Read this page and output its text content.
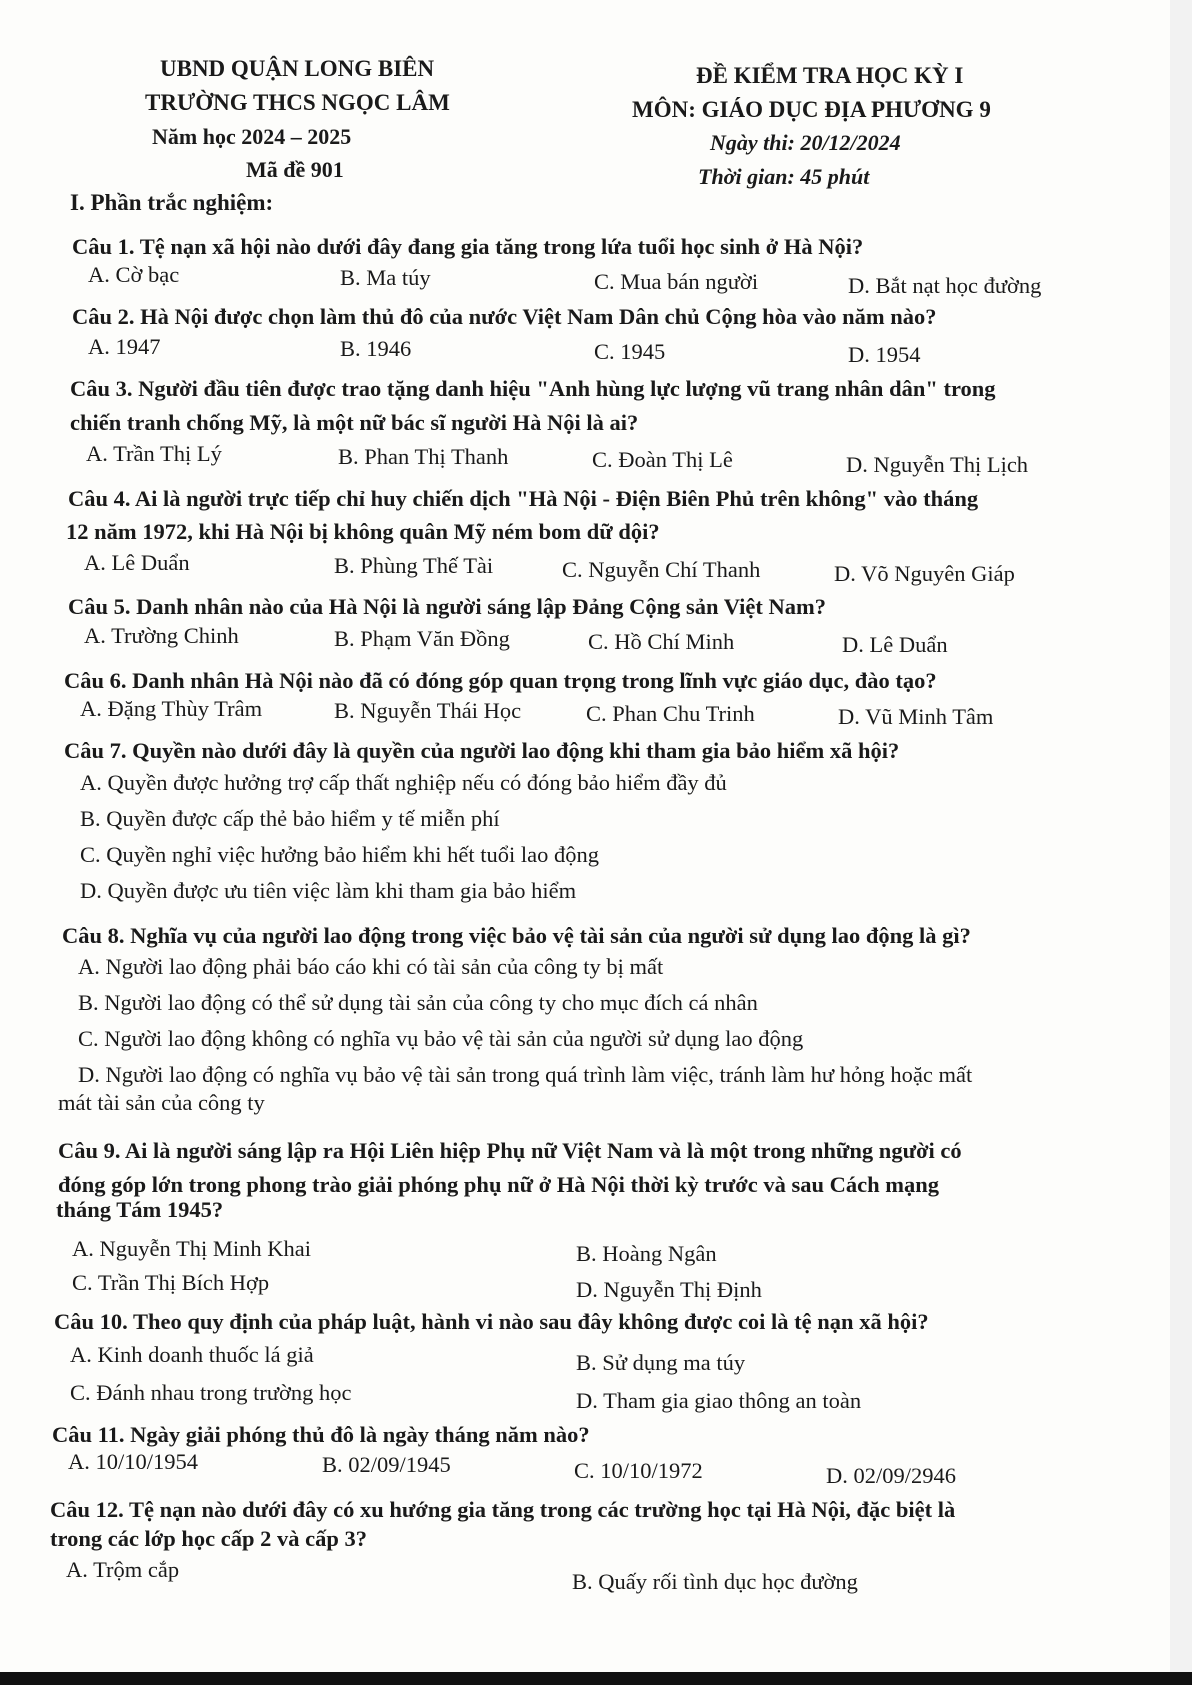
UBND QUẬN LONG BIÊN
TRƯỜNG THCS NGỌC LÂM
Năm học 2024 – 2025
Mã đề 901
ĐỀ KIỂM TRA HỌC KỲ I
MÔN: GIÁO DỤC ĐỊA PHƯƠNG 9
Ngày thi: 20/12/2024
Thời gian: 45 phút
I. Phần trắc nghiệm:
Câu 1. Tệ nạn xã hội nào dưới đây đang gia tăng trong lứa tuổi học sinh ở Hà Nội?
A. Cờ bạc	B. Ma túy	C. Mua bán người	D. Bắt nạt học đường
Câu 2. Hà Nội được chọn làm thủ đô của nước Việt Nam Dân chủ Cộng hòa vào năm nào?
A. 1947	B. 1946	C. 1945	D. 1954
Câu 3. Người đầu tiên được trao tặng danh hiệu "Anh hùng lực lượng vũ trang nhân dân" trong
chiến tranh chống Mỹ, là một nữ bác sĩ người Hà Nội là ai?
A. Trần Thị Lý	B. Phan Thị Thanh	C. Đoàn Thị Lê	D. Nguyễn Thị Lịch
Câu 4. Ai là người trực tiếp chỉ huy chiến dịch "Hà Nội - Điện Biên Phủ trên không" vào tháng
12 năm 1972, khi Hà Nội bị không quân Mỹ ném bom dữ dội?
A. Lê Duẩn	B. Phùng Thế Tài	C. Nguyễn Chí Thanh	D. Võ Nguyên Giáp
Câu 5. Danh nhân nào của Hà Nội là người sáng lập Đảng Cộng sản Việt Nam?
A. Trường Chinh	B. Phạm Văn Đồng	C. Hồ Chí Minh	D. Lê Duẩn
Câu 6. Danh nhân Hà Nội nào đã có đóng góp quan trọng trong lĩnh vực giáo dục, đào tạo?
A. Đặng Thùy Trâm	B. Nguyễn Thái Học	C. Phan Chu Trinh	D. Vũ Minh Tâm
Câu 7. Quyền nào dưới đây là quyền của người lao động khi tham gia bảo hiểm xã hội?
A. Quyền được hưởng trợ cấp thất nghiệp nếu có đóng bảo hiểm đầy đủ
B. Quyền được cấp thẻ bảo hiểm y tế miễn phí
C. Quyền nghỉ việc hưởng bảo hiểm khi hết tuổi lao động
D. Quyền được ưu tiên việc làm khi tham gia bảo hiểm
Câu 8. Nghĩa vụ của người lao động trong việc bảo vệ tài sản của người sử dụng lao động là gì?
A. Người lao động phải báo cáo khi có tài sản của công ty bị mất
B. Người lao động có thể sử dụng tài sản của công ty cho mục đích cá nhân
C. Người lao động không có nghĩa vụ bảo vệ tài sản của người sử dụng lao động
D. Người lao động có nghĩa vụ bảo vệ tài sản trong quá trình làm việc, tránh làm hư hỏng hoặc mất
mát tài sản của công ty
Câu 9. Ai là người sáng lập ra Hội Liên hiệp Phụ nữ Việt Nam và là một trong những người có
đóng góp lớn trong phong trào giải phóng phụ nữ ở Hà Nội thời kỳ trước và sau Cách mạng
tháng Tám 1945?
A. Nguyễn Thị Minh Khai	B. Hoàng Ngân
C. Trần Thị Bích Hợp	D. Nguyễn Thị Định
Câu 10. Theo quy định của pháp luật, hành vi nào sau đây không được coi là tệ nạn xã hội?
A. Kinh doanh thuốc lá giả	B. Sử dụng ma túy
C. Đánh nhau trong trường học	D. Tham gia giao thông an toàn
Câu 11. Ngày giải phóng thủ đô là ngày tháng năm nào?
A. 10/10/1954	B. 02/09/1945	C. 10/10/1972	D. 02/09/2946
Câu 12. Tệ nạn nào dưới đây có xu hướng gia tăng trong các trường học tại Hà Nội, đặc biệt là
trong các lớp học cấp 2 và cấp 3?
A. Trộm cắp	B. Quấy rối tình dục học đường
